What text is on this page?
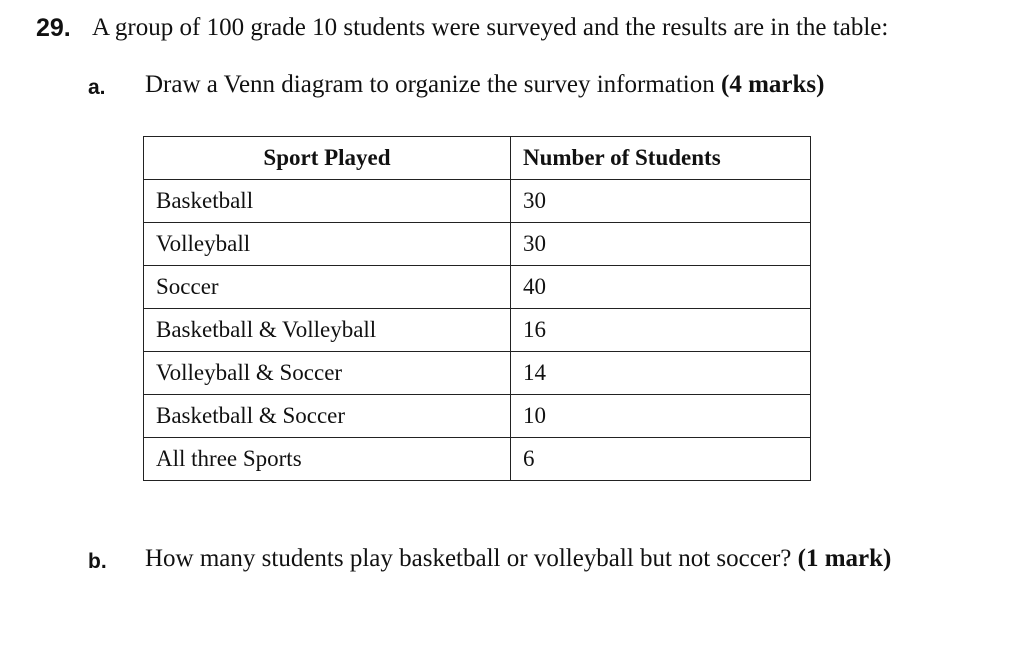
29. A group of 100 grade 10 students were surveyed and the results are in the table:
a. Draw a Venn diagram to organize the survey information (4 marks)
Sport Played	Number of Students
Basketball	30
Volleyball	30
Soccer	40
Basketball & Volleyball	16
Volleyball & Soccer	14
Basketball & Soccer	10
All three Sports	6
b. How many students play basketball or volleyball but not soccer? (1 mark)
